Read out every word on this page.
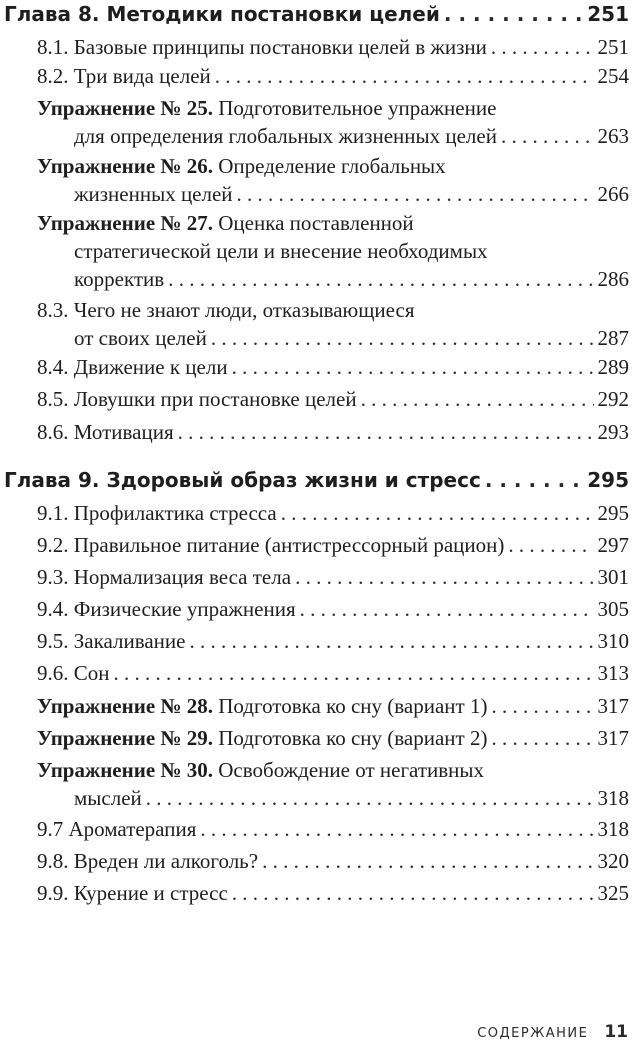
Глава 8. Методики постановки целей . . .	251
8.1. Базовые принципы постановки целей в жизни . . .	251
8.2. Три вида целей . . .	254
Упражнение № 25. Подготовительное упражнение
для определения глобальных жизненных целей . . .	263
Упражнение № 26. Определение глобальных
жизненных целей . . .	266
Упражнение № 27. Оценка поставленной
стратегической цели и внесение необходимых
корректив . . .	286
8.3. Чего не знают люди, отказывающиеся
от своих целей . . .	287
8.4. Движение к цели . . .	289
8.5. Ловушки при постановке целей . . .	292
8.6. Мотивация . . .	293
Глава 9. Здоровый образ жизни и стресс . . .	295
9.1. Профилактика стресса . . .	295
9.2. Правильное питание (антистрессорный рацион) . . .	297
9.3. Нормализация веса тела . . .	301
9.4. Физические упражнения . . .	305
9.5. Закаливание . . .	310
9.6. Сон . . .	313
Упражнение № 28. Подготовка ко сну (вариант 1) . . .	317
Упражнение № 29. Подготовка ко сну (вариант 2) . . .	317
Упражнение № 30. Освобождение от негативных
мыслей . . .	318
9.7 Ароматерапия . . .	318
9.8. Вреден ли алкоголь? . . .	320
9.9. Курение и стресс . . .	325
СОДЕРЖАНИЕ 11
